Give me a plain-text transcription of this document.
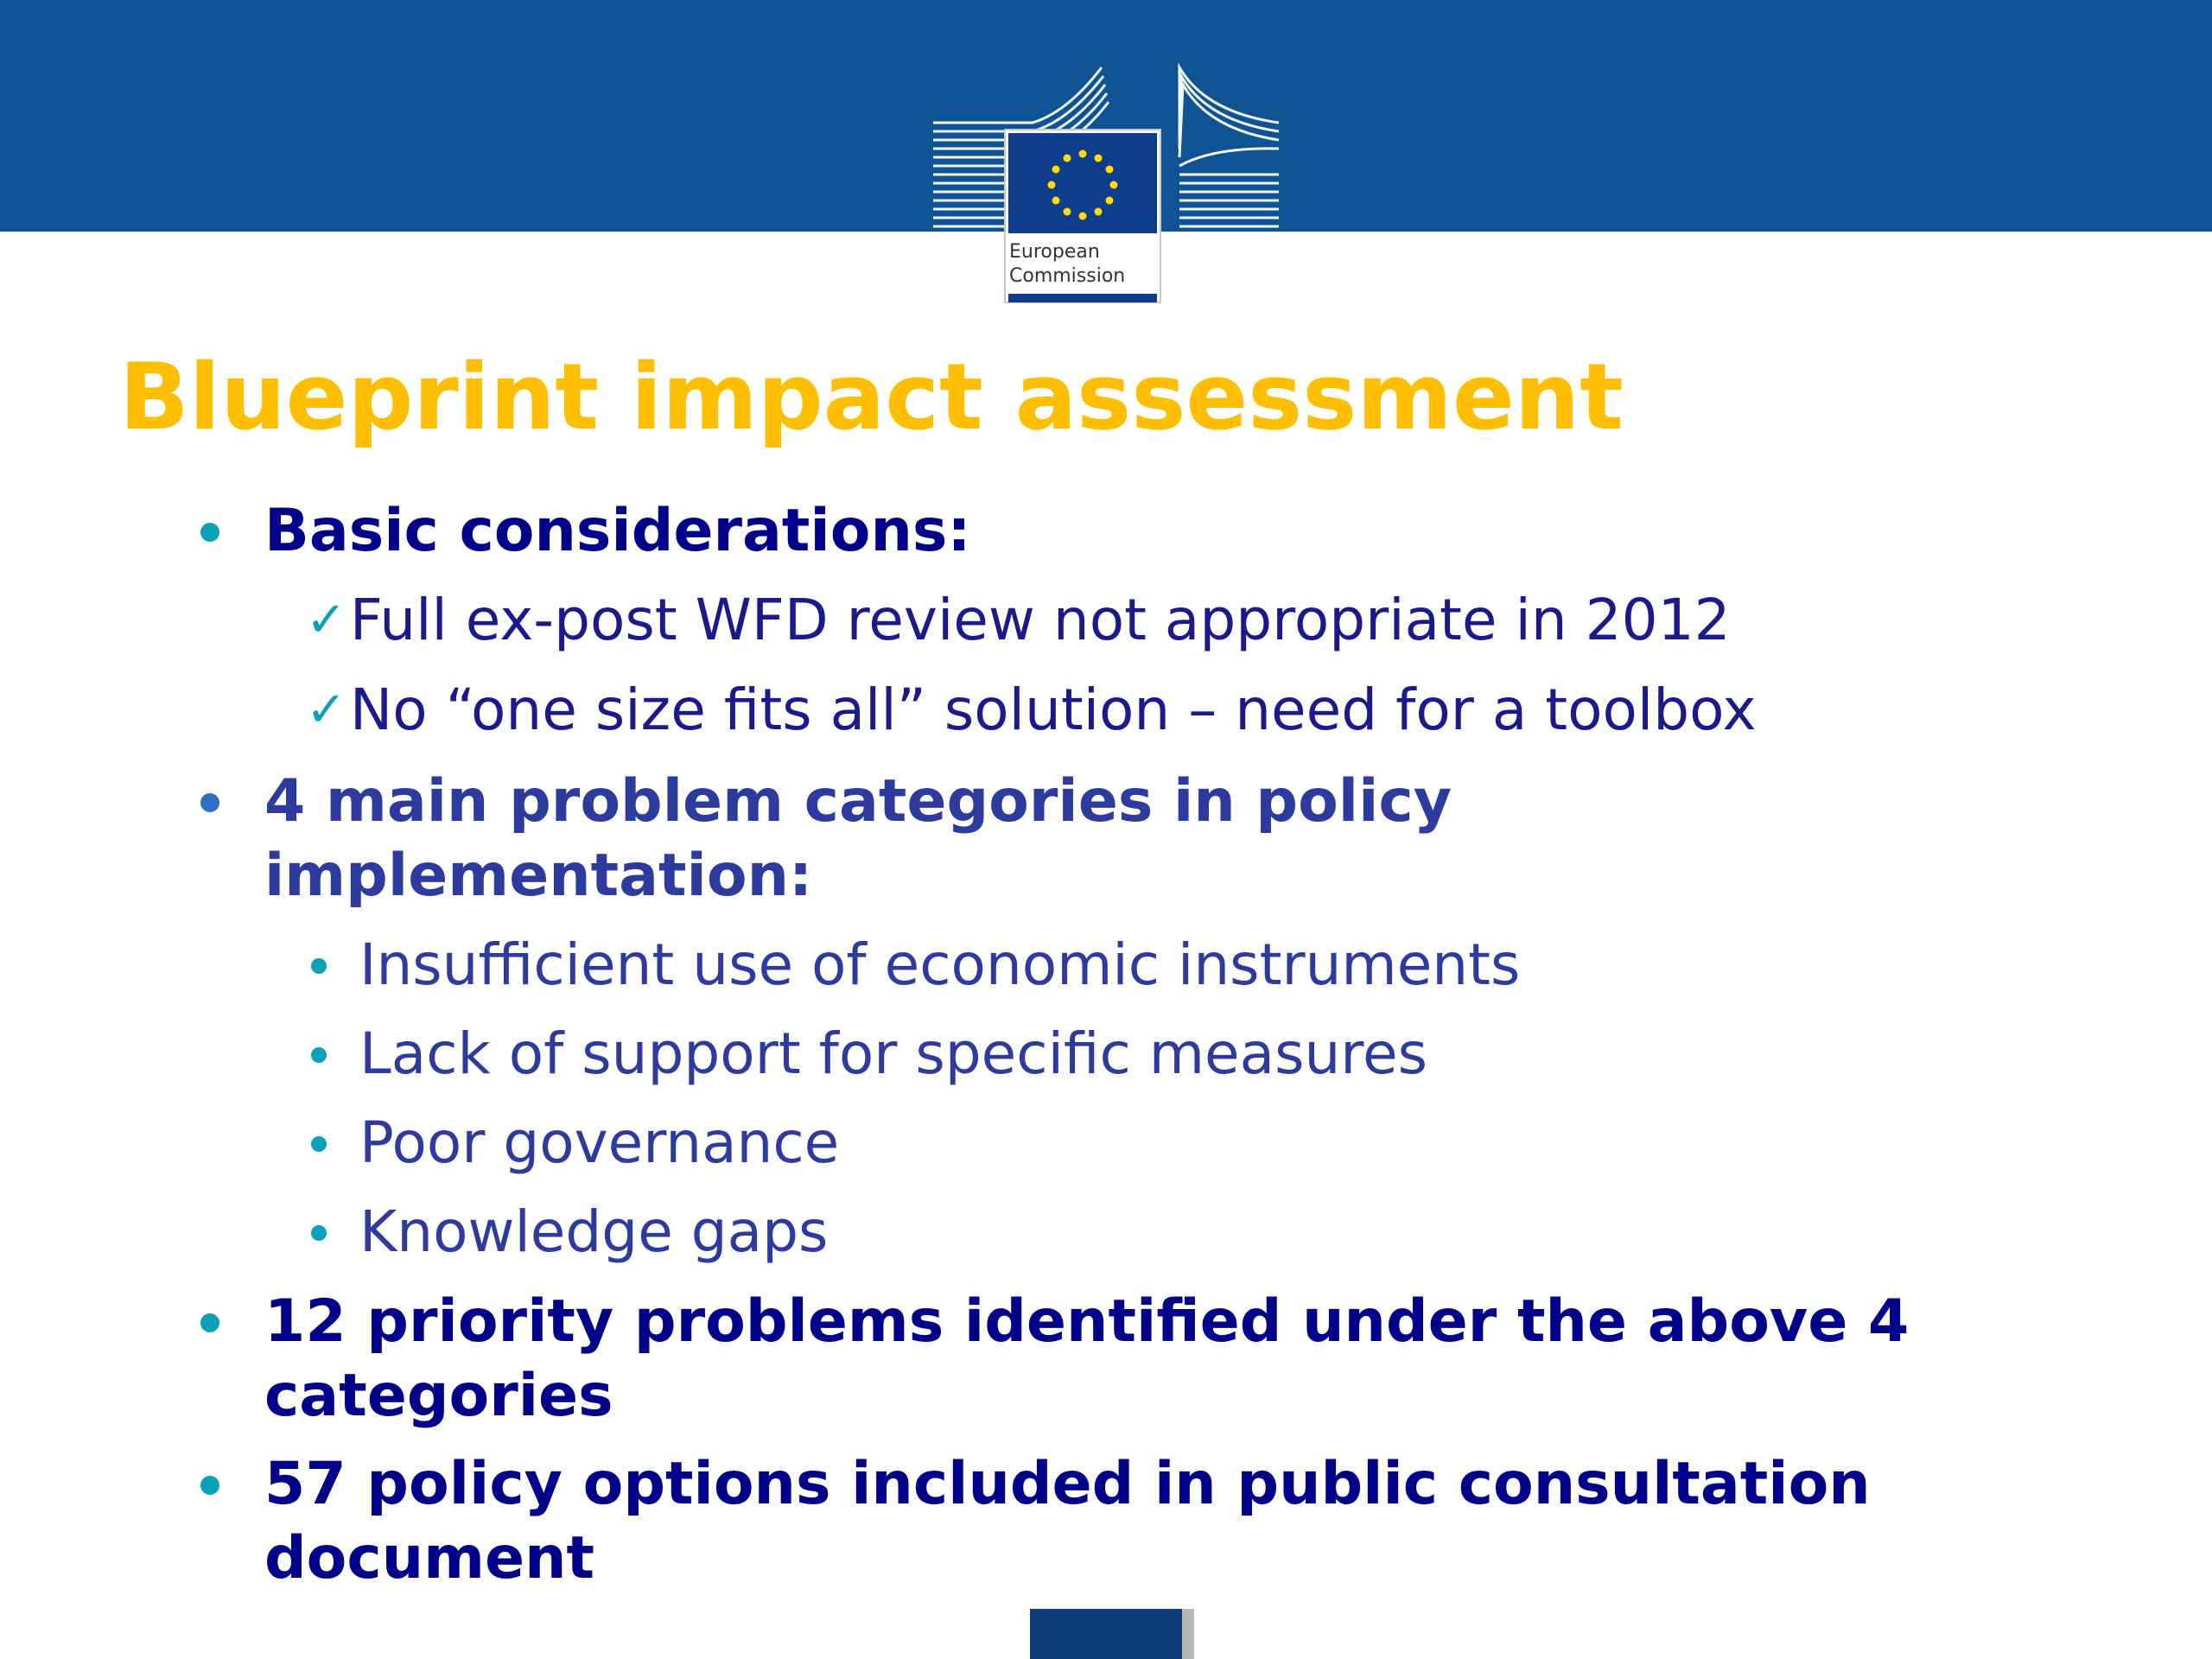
European
Commission
Blueprint impact assessment
Basic considerations:
✓ Full ex-post WFD review not appropriate in 2012
✓ No “one size fits all” solution – need for a toolbox
4 main problem categories in policy
implementation:
Insufficient use of economic instruments
Lack of support for specific measures
Poor governance
Knowledge gaps
12 priority problems identified under the above 4
categories
57 policy options included in public consultation
document
